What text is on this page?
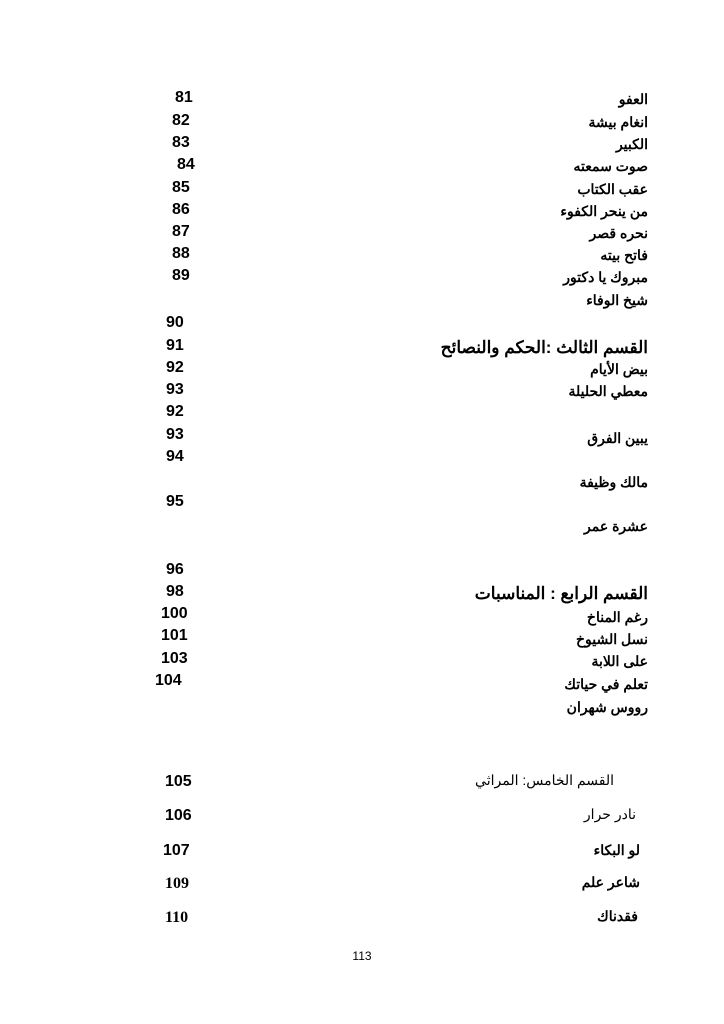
العفو
انغام بيشة
الكبير
صوت سمعته
عقب الكتاب
من ينحر الكفوء
نحره قصر
فاتح بيته
مبروك يا دكتور
شيخ الوفاء
القسم الثالث :الحكم والنصائح
بيض الأيام
معطي الحليلة
يبين الفرق
مالك وظيفة
عشرة عمر
القسم الرابع : المناسبات
رغم المناخ
نسل الشيوخ
على اللابة
تعلم في حياتك
رووس شهران
القسم الخامس: المراثي
نادر حرار
لو البكاء
شاعر علم
فقدناك
81
82
83
84
85
86
87
88
89
90
91
92
93
92
93
94
95
96
98
100
101
103
104
105
106
107
109
110
113
